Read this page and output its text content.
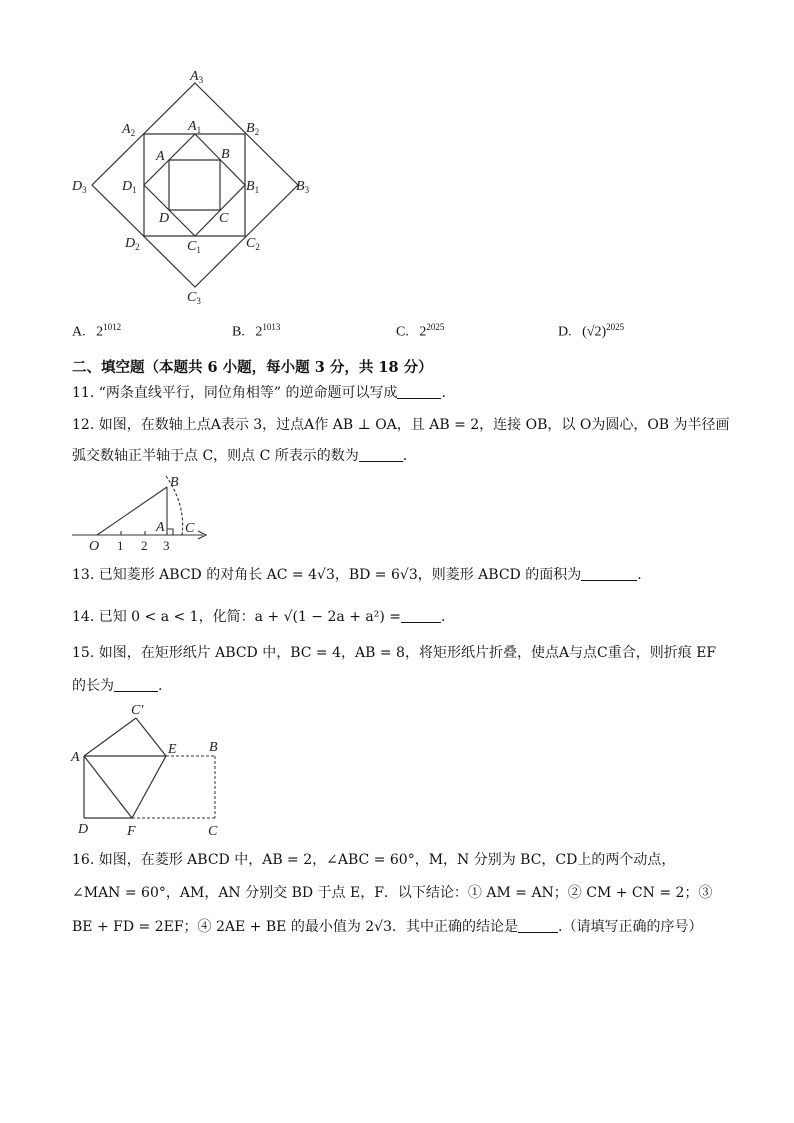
$A_3$
$A_2$	$A_1$
A	B
$B_1$
$B_2$
$B_3$
C
$C_1$	$C_2$
$C_3$
D
$D_1$
$D_2$
$D_3$
A. $2^{1012}$	B. $2^{1013}$	C. $2^{2025}$	D. $(√2)^{2025}$
二、填空题（本题共 6 小题，每小题 3 分，共 18 分）
11. “两条直线平行，同位角相等” 的逆命题可以写成	.
12. 如图，在数轴上点A表示 3，过点A作 AB ⊥ OA，且 AB = 2，连接 OB，以 O为圆心，OB 为半径画
弧交数轴正半轴于点 C，则点 C 所表示的数为	.
B
A C
O 1 2 3
13. 已知菱形 ABCD 的对角长 AC = 4√3，BD = 6√3，则菱形 ABCD 的面积为	.
14. 已知 0 < a < 1，化简：a + √(1 − 2a + a²) =	.
15. 如图，在矩形纸片 ABCD 中，BC = 4，AB = 8，将矩形纸片折叠，使点A与点C重合，则折痕 EF
的长为	.
C′
A
E B
D	F	C
16. 如图，在菱形 ABCD 中，AB = 2，∠ABC = 60°，M，N 分别为 BC，CD上的两个动点，
∠MAN = 60°，AM，AN 分别交 BD 于点 E，F．以下结论：① AM = AN；② CM + CN = 2；③
BE + FD = 2EF；④ 2AE + BE 的最小值为 2√3．其中正确的结论是	.（请填写正确的序号）
